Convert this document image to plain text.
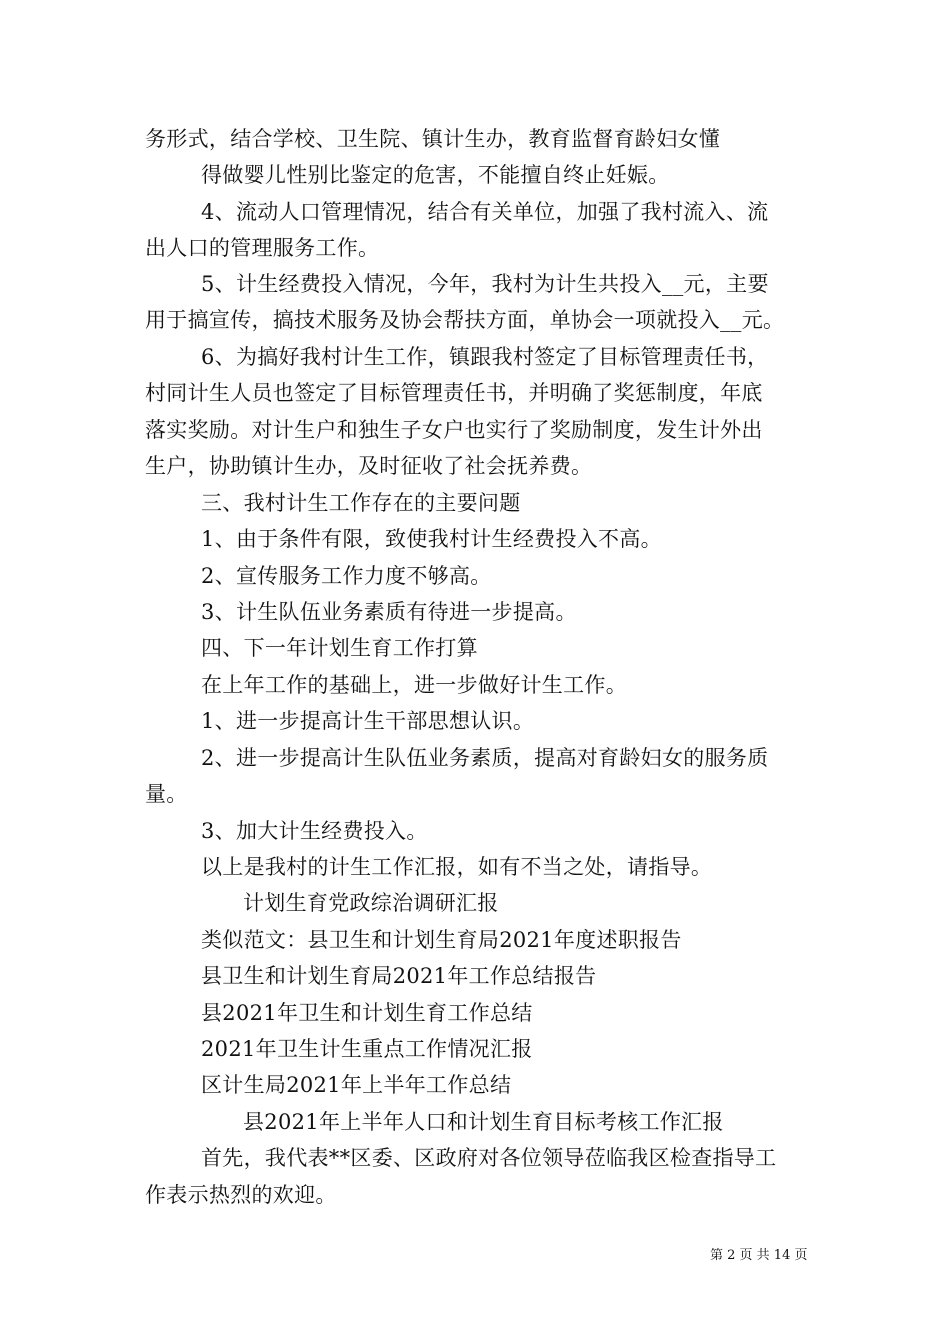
务形式，结合学校、卫生院、镇计生办，教育监督育龄妇女懂
得做婴儿性别比鉴定的危害，不能擅自终止妊娠。
4、流动人口管理情况，结合有关单位，加强了我村流入、流
出人口的管理服务工作。
5、计生经费投入情况，今年，我村为计生共投入__元，主要
用于搞宣传，搞技术服务及协会帮扶方面，单协会一项就投入__元。
6、为搞好我村计生工作，镇跟我村签定了目标管理责任书，
村同计生人员也签定了目标管理责任书，并明确了奖惩制度，年底
落实奖励。对计生户和独生子女户也实行了奖励制度，发生计外出
生户，协助镇计生办，及时征收了社会抚养费。
三、我村计生工作存在的主要问题
1、由于条件有限，致使我村计生经费投入不高。
2、宣传服务工作力度不够高。
3、计生队伍业务素质有待进一步提高。
四、下一年计划生育工作打算
在上年工作的基础上，进一步做好计生工作。
1、进一步提高计生干部思想认识。
2、进一步提高计生队伍业务素质，提高对育龄妇女的服务质
量。
3、加大计生经费投入。
以上是我村的计生工作汇报，如有不当之处，请指导。
计划生育党政综治调研汇报
类似范文：县卫生和计划生育局2021年度述职报告
县卫生和计划生育局2021年工作总结报告
县2021年卫生和计划生育工作总结
2021年卫生计生重点工作情况汇报
区计生局2021年上半年工作总结
县2021年上半年人口和计划生育目标考核工作汇报
首先，我代表**区委、区政府对各位领导莅临我区检查指导工
作表示热烈的欢迎。
第 2 页 共 14 页
